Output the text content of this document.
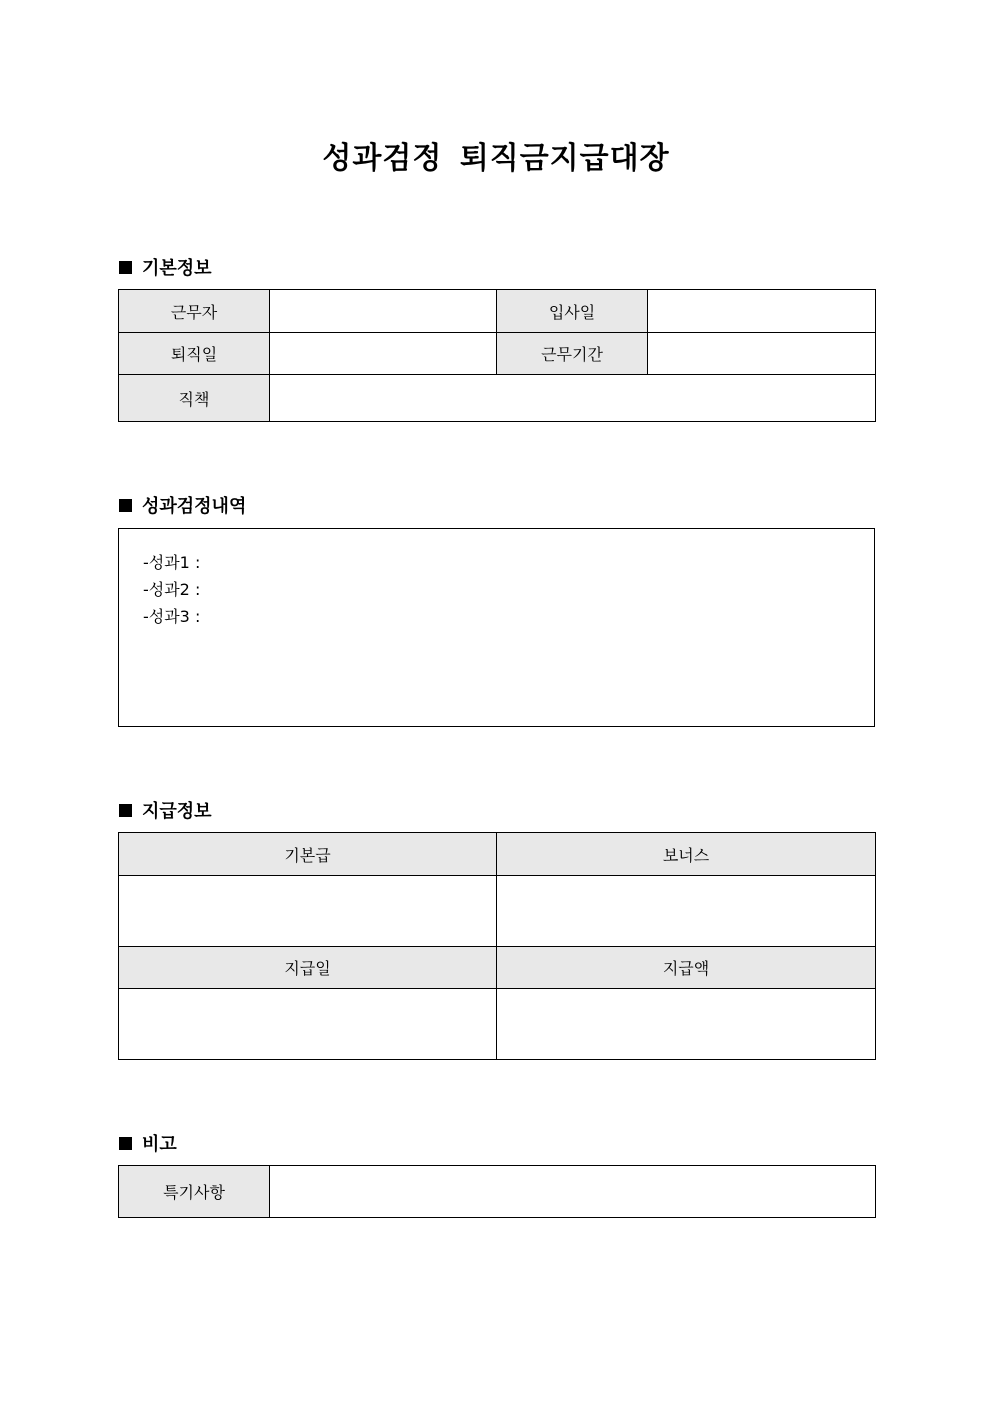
성과검정 퇴직금지급대장
기본정보
근무자		입사일	
퇴직일		근무기간	
직책			
성과검정내역
-성과1 :
-성과2 :
-성과3 :
지급정보
기본급	보너스

지급일	지급액

비고
특기사항	
